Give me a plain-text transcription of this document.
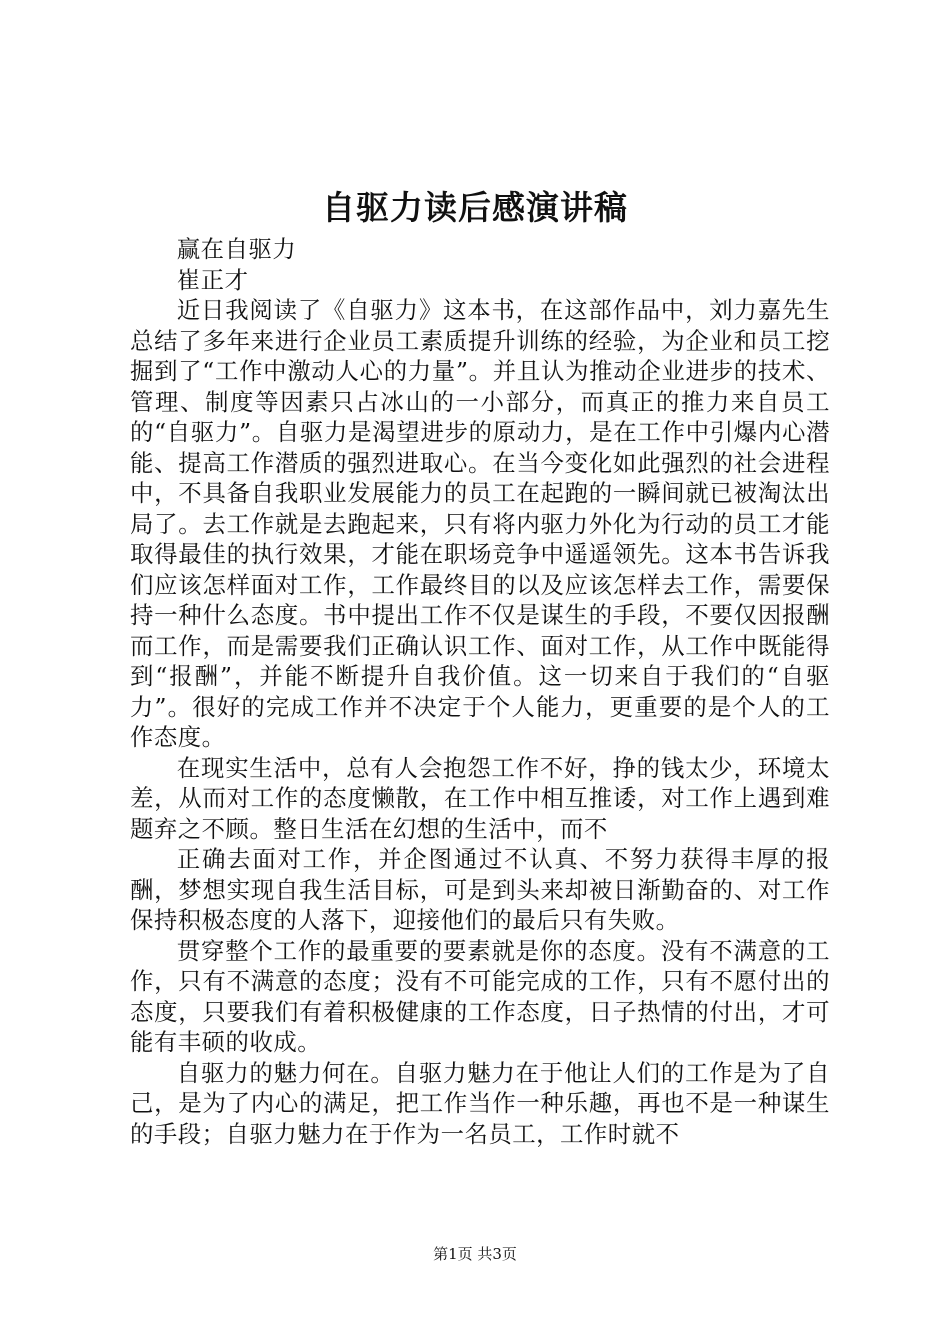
自驱力读后感演讲稿

赢在自驱力

崔正才

近日我阅读了《自驱力》这本书，在这部作品中，刘力嘉先生总结了多年来进行企业员工素质提升训练的经验，为企业和员工挖掘到了“工作中激动人心的力量”。并且认为推动企业进步的技术、管理、制度等因素只占冰山的一小部分，而真正的推力来自员工的“自驱力”。自驱力是渴望进步的原动力，是在工作中引爆内心潜能、提高工作潜质的强烈进取心。在当今变化如此强烈的社会进程中，不具备自我职业发展能力的员工在起跑的一瞬间就已被淘汰出局了。去工作就是去跑起来，只有将内驱力外化为行动的员工才能取得最佳的执行效果，才能在职场竞争中遥遥领先。这本书告诉我们应该怎样面对工作，工作最终目的以及应该怎样去工作，需要保持一种什么态度。书中提出工作不仅是谋生的手段，不要仅因报酬而工作，而是需要我们正确认识工作、面对工作，从工作中既能得到“报酬”，并能不断提升自我价值。这一切来自于我们的“自驱力”。很好的完成工作并不决定于个人能力，更重要的是个人的工作态度。

在现实生活中，总有人会抱怨工作不好，挣的钱太少，环境太差，从而对工作的态度懒散，在工作中相互推诿，对工作上遇到难题弃之不顾。整日生活在幻想的生活中，而不

正确去面对工作，并企图通过不认真、不努力获得丰厚的报酬，梦想实现自我生活目标，可是到头来却被日渐勤奋的、对工作保持积极态度的人落下，迎接他们的最后只有失败。

贯穿整个工作的最重要的要素就是你的态度。没有不满意的工作，只有不满意的态度；没有不可能完成的工作，只有不愿付出的态度，只要我们有着积极健康的工作态度，日子热情的付出，才可能有丰硕的收成。

自驱力的魅力何在。自驱力魅力在于他让人们的工作是为了自己，是为了内心的满足，把工作当作一种乐趣，再也不是一种谋生的手段；自驱力魅力在于作为一名员工，工作时就不

第1页 共3页
